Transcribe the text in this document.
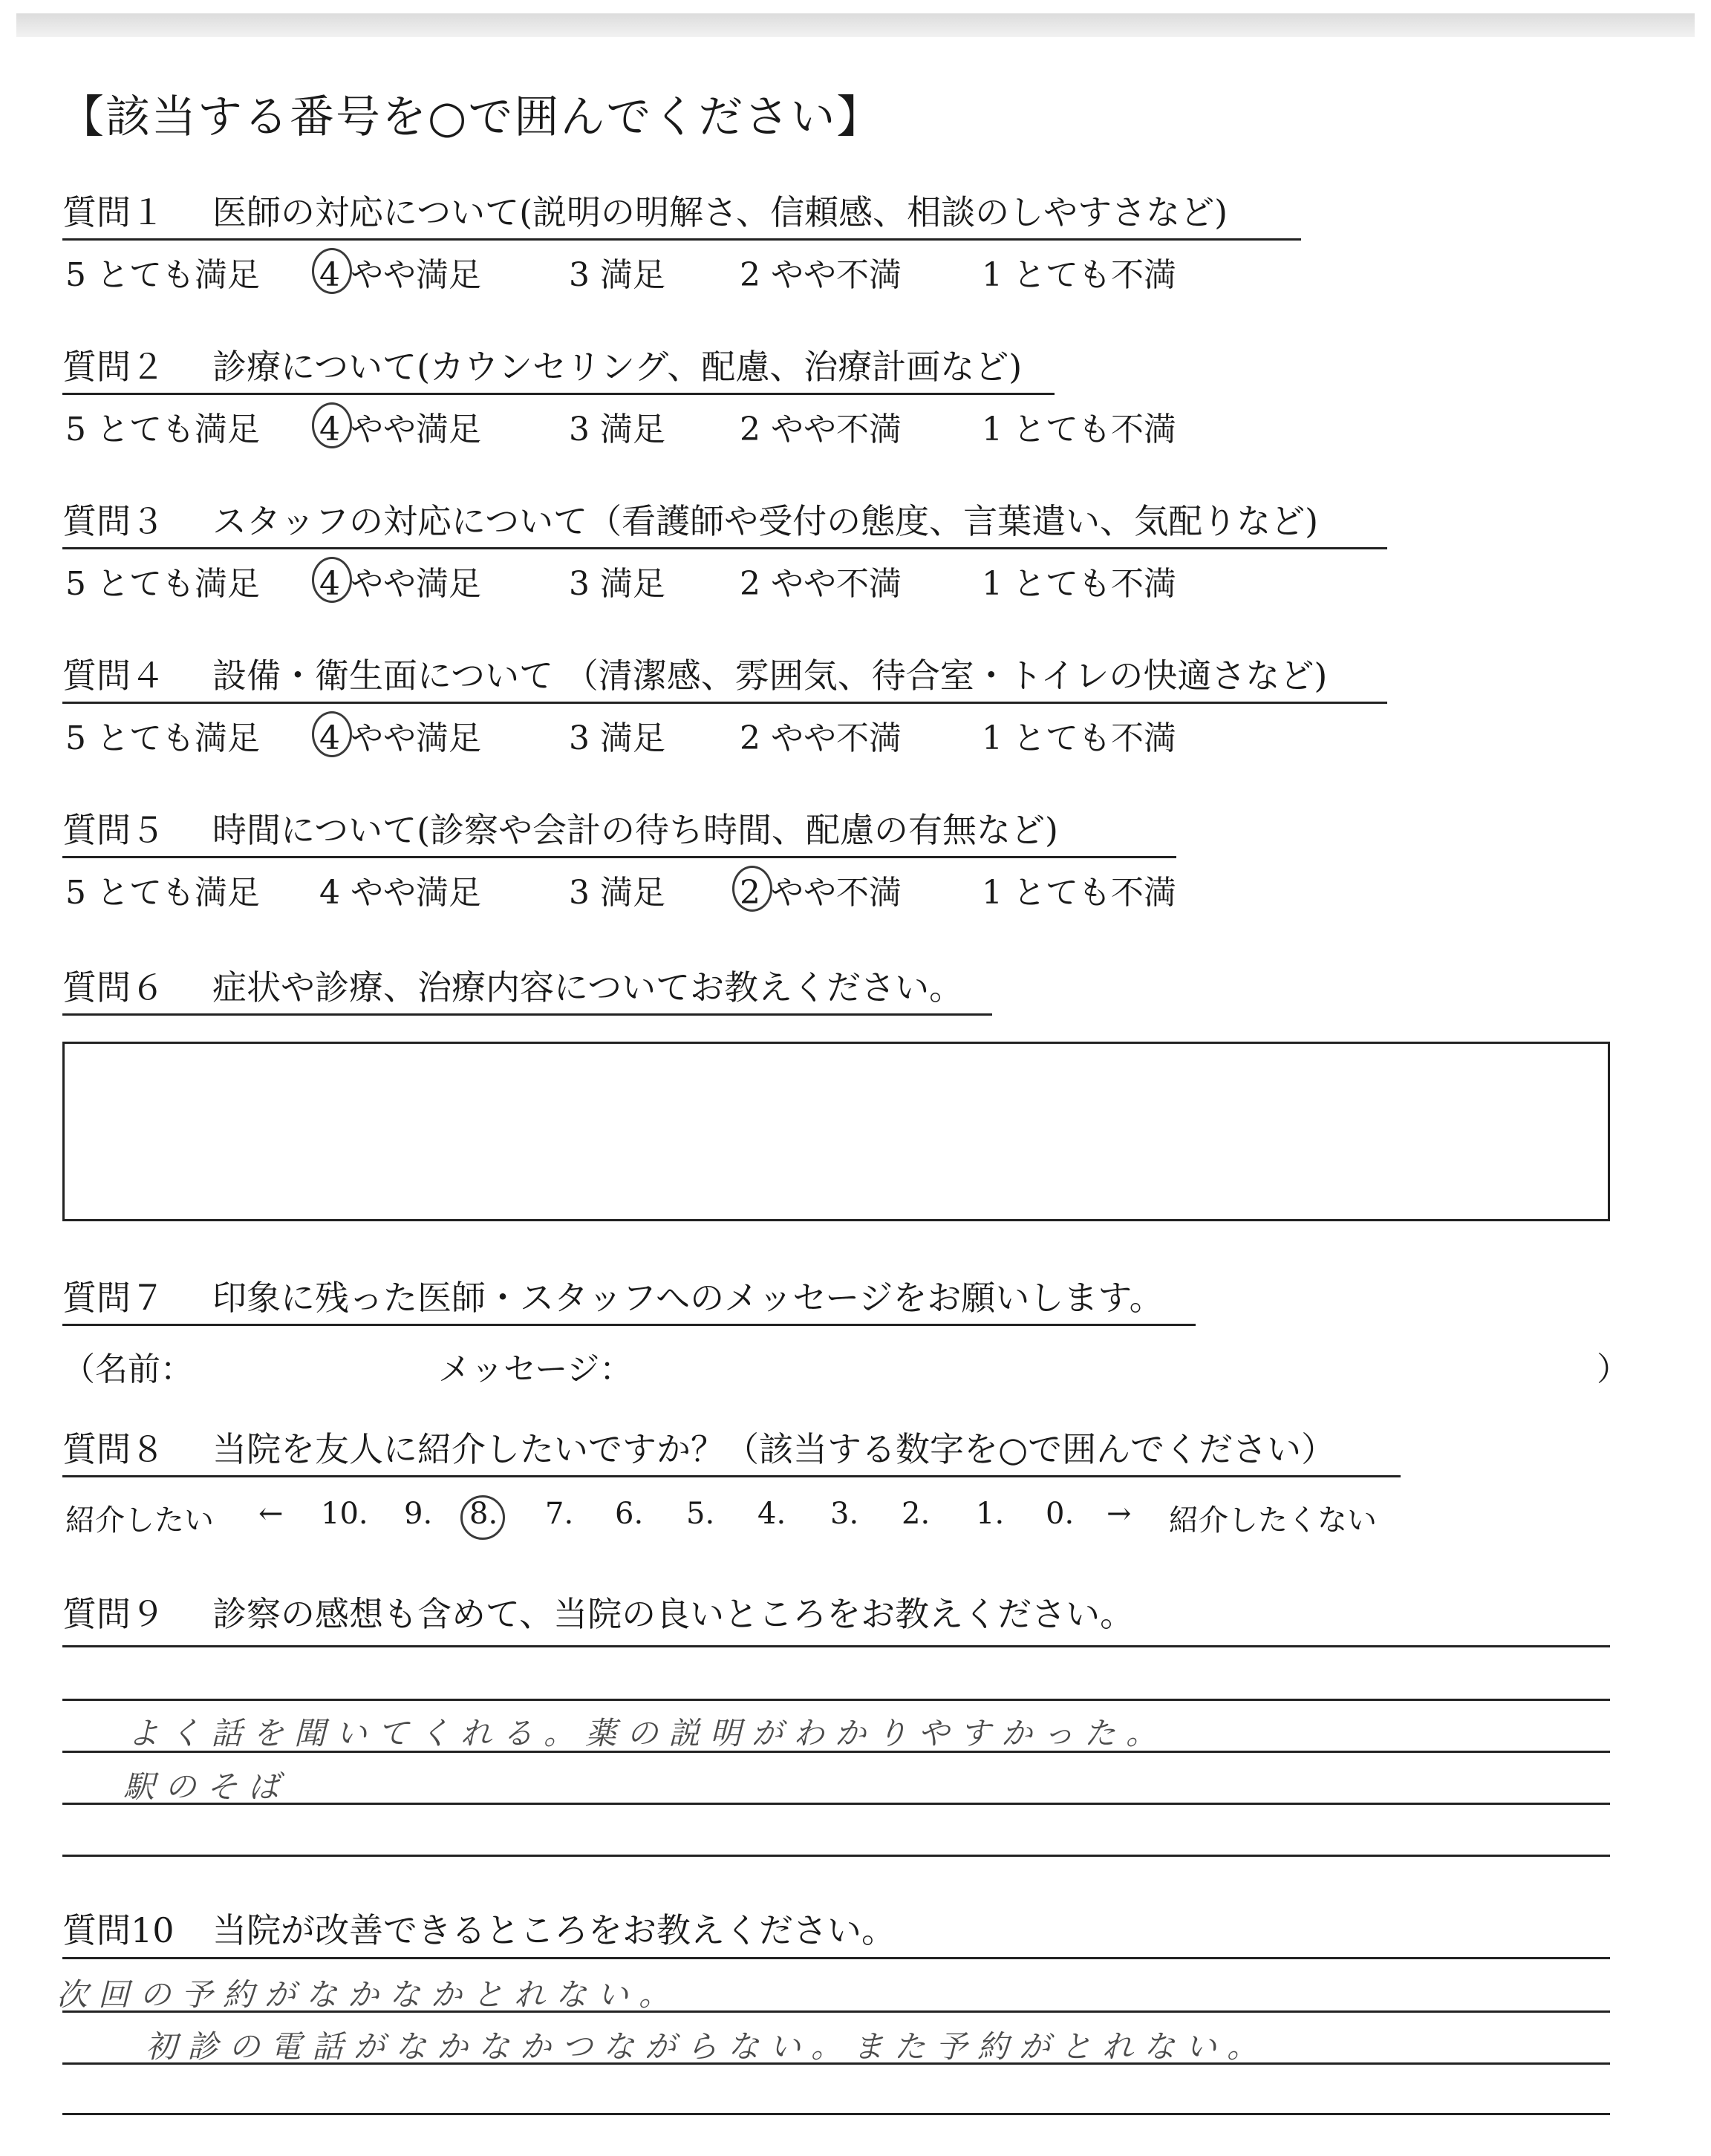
【該当する番号を○で囲んでください】
質問１ 医師の対応について(説明の明解さ、信頼感、相談のしやすさなど)
5 とても満足 4 やや満足	3 満足 2 やや不満 1 とても不満
質問２ 診療について(カウンセリング、配慮、治療計画など)
5 とても満足 4 やや満足	3 満足 2 やや不満 1 とても不満
質問３ スタッフの対応について（看護師や受付の態度、言葉遣い、気配りなど)
5 とても満足 4 やや満足	3 満足 2 やや不満 1 とても不満
質問４ 設備・衛生面について （清潔感、雰囲気、待合室・トイレの快適さなど)
5 とても満足 4 やや満足	3 満足 2 やや不満 1 とても不満
質問５ 時間について(診察や会計の待ち時間、配慮の有無など)
5 とても満足 4 やや満足	3 満足 2 やや不満 1 とても不満
質問６ 症状や診療、治療内容についてお教えください。
質問７ 印象に残った医師・スタッフへのメッセージをお願いします。
（名前：	メッセージ：	）
質問８ 当院を友人に紹介したいですか？（該当する数字を○で囲んでください）
紹介したい ← 10. 9. 8. 7. 6. 5. 4. 3. 2. 1. 0. → 紹介したくない
質問９ 診察の感想も含めて、当院の良いところをお教えください。
よく話を聞いてくれる。薬の説明がわかりやすかった。
駅のそば
質問10 当院が改善できるところをお教えください。
次回の予約がなかなかとれない。
初診の電話がなかなかつながらない。また予約がとれない。
